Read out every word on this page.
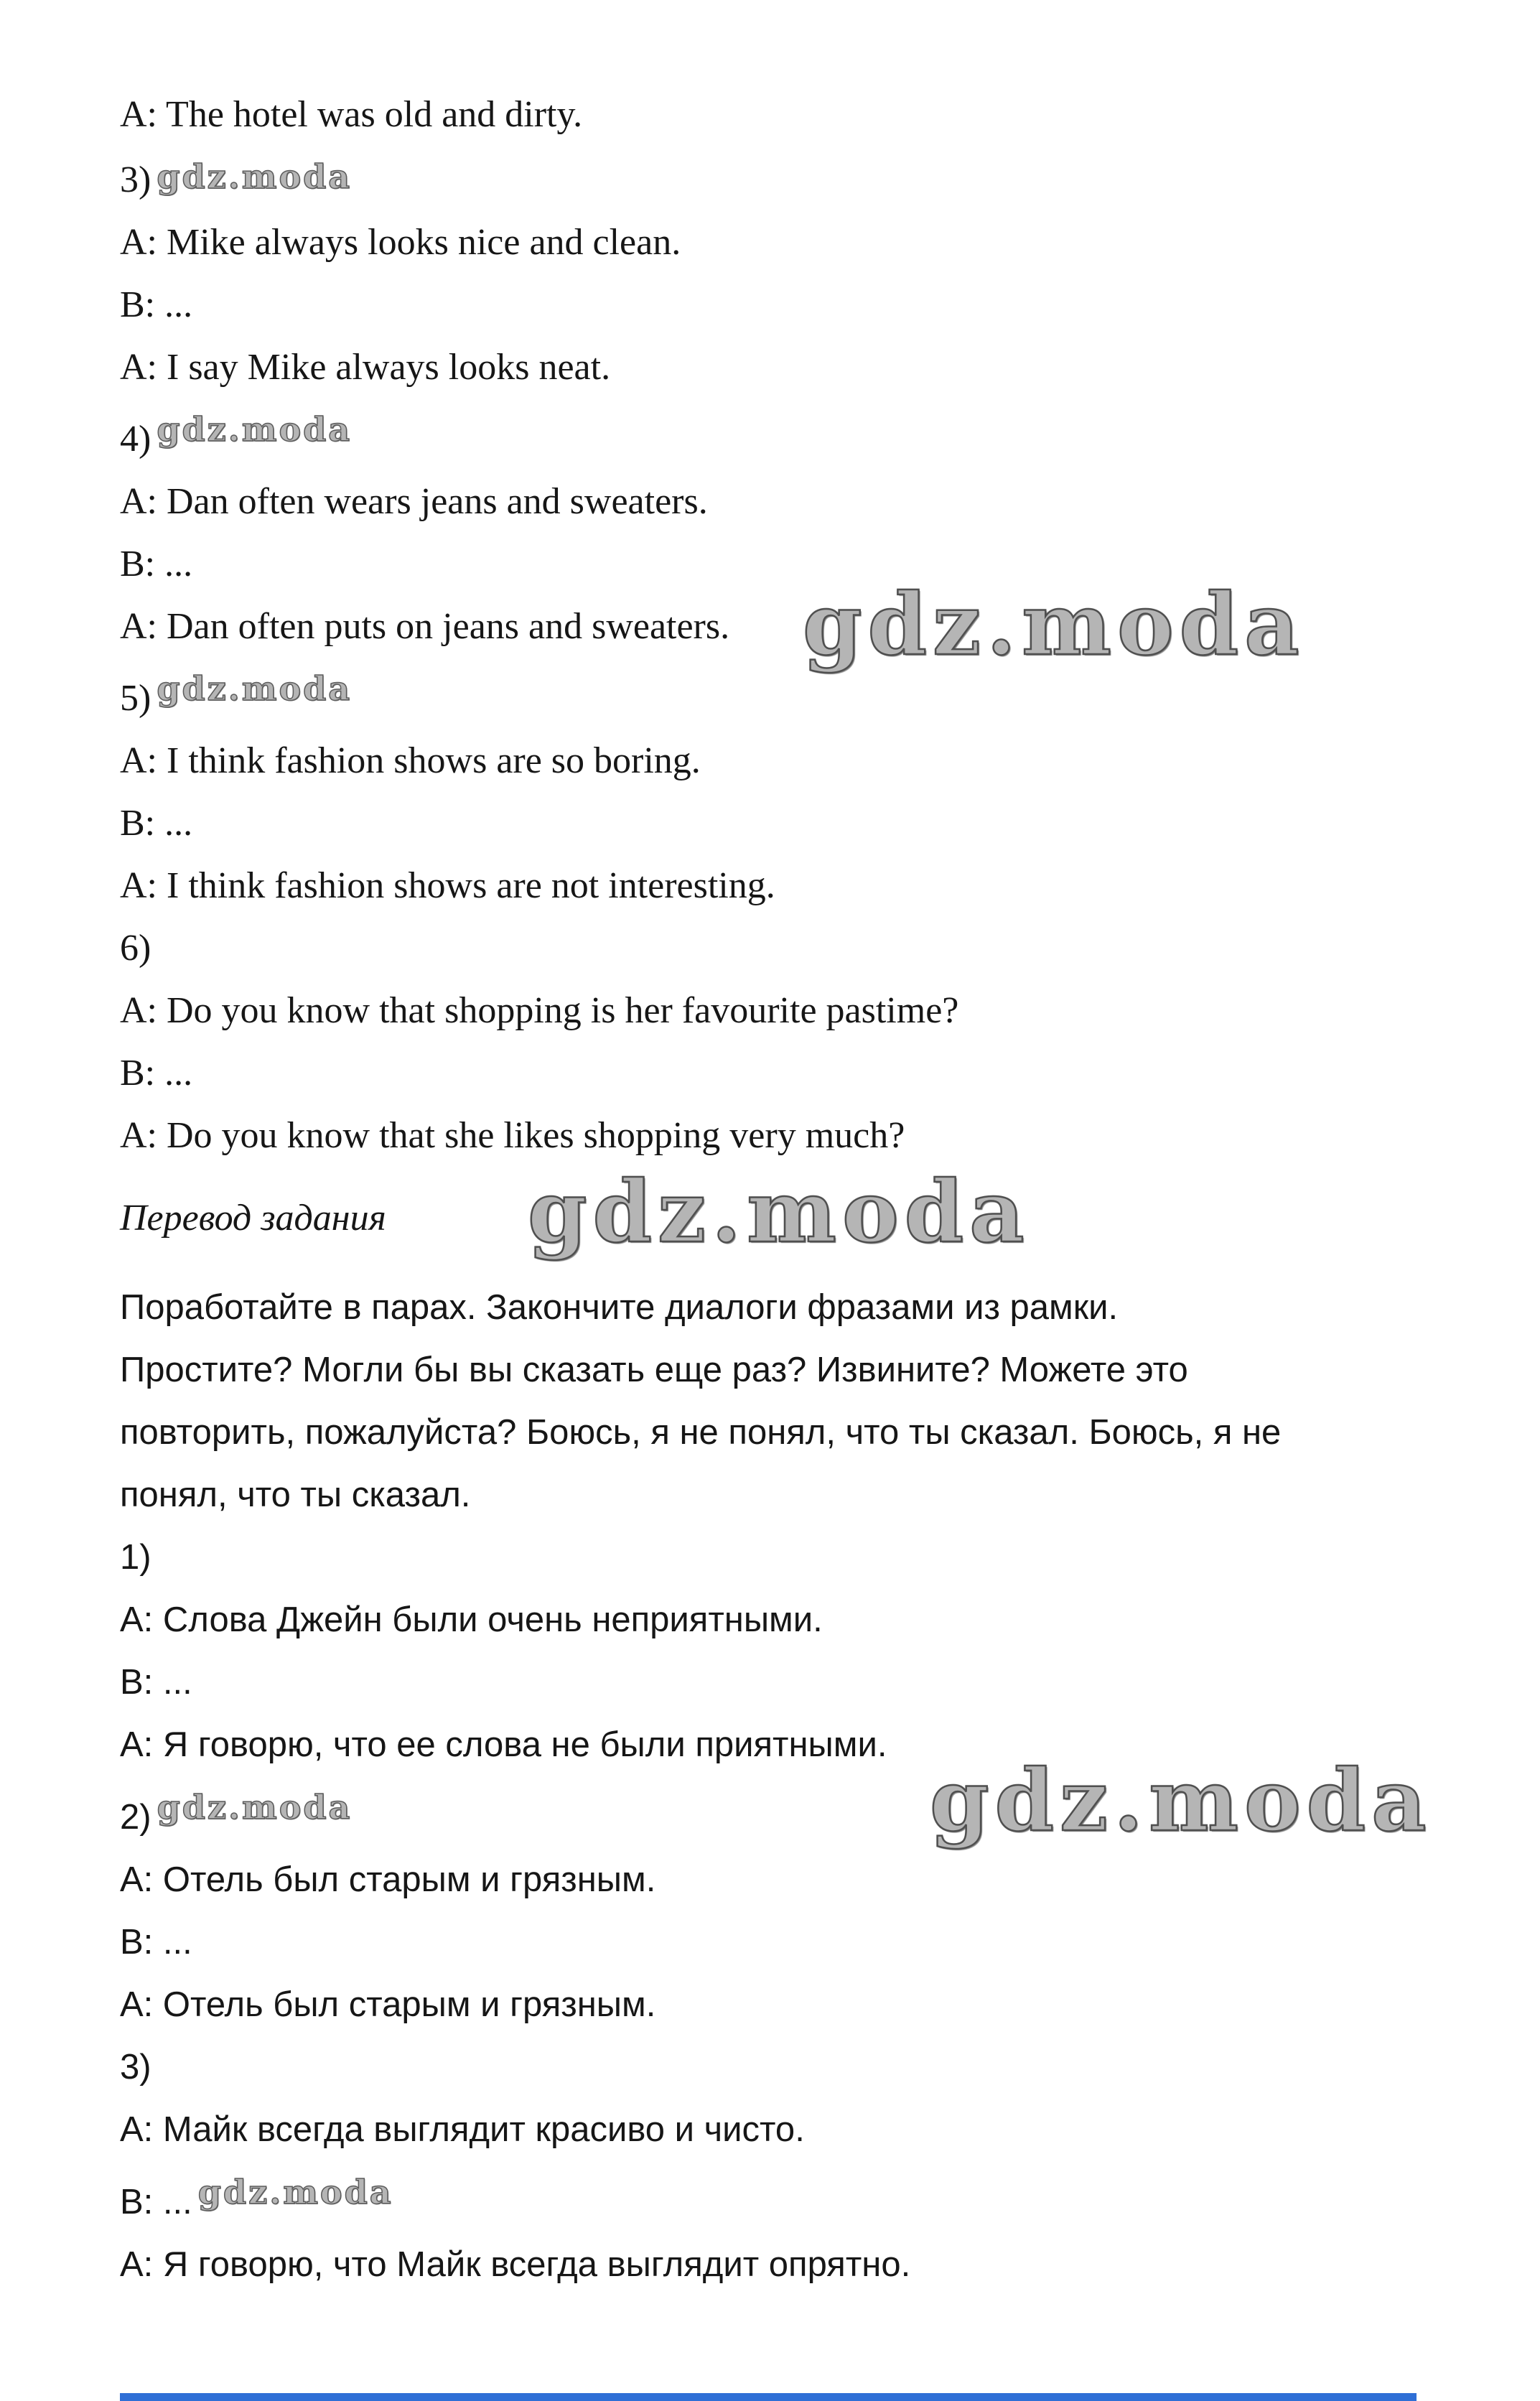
A: The hotel was old and dirty.
3) gdz.moda
A: Mike always looks nice and clean.
B: ...
A: I say Mike always looks neat.
4) gdz.moda
A: Dan often wears jeans and sweaters.
B: ...
A: Dan often puts on jeans and sweaters.
5) gdz.moda
A: I think fashion shows are so boring.
B: ...
A: I think fashion shows are not interesting.
6)
A: Do you know that shopping is her favourite pastime?
B: ...
A: Do you know that she likes shopping very much?
Перевод задания
Поработайте в парах. Закончите диалоги фразами из рамки.
Простите? Могли бы вы сказать еще раз? Извините? Можете это
повторить, пожалуйста? Боюсь, я не понял, что ты сказал. Боюсь, я не
понял, что ты сказал.
1)
А: Слова Джейн были очень неприятными.
В: ...
А: Я говорю, что ее слова не были приятными.
2) gdz.moda
А: Отель был старым и грязным.
В: ...
А: Отель был старым и грязным.
3)
А: Майк всегда выглядит красиво и чисто.
В: ... gdz.moda
А: Я говорю, что Майк всегда выглядит опрятно.
gdz.moda
gdz.moda
gdz.moda
